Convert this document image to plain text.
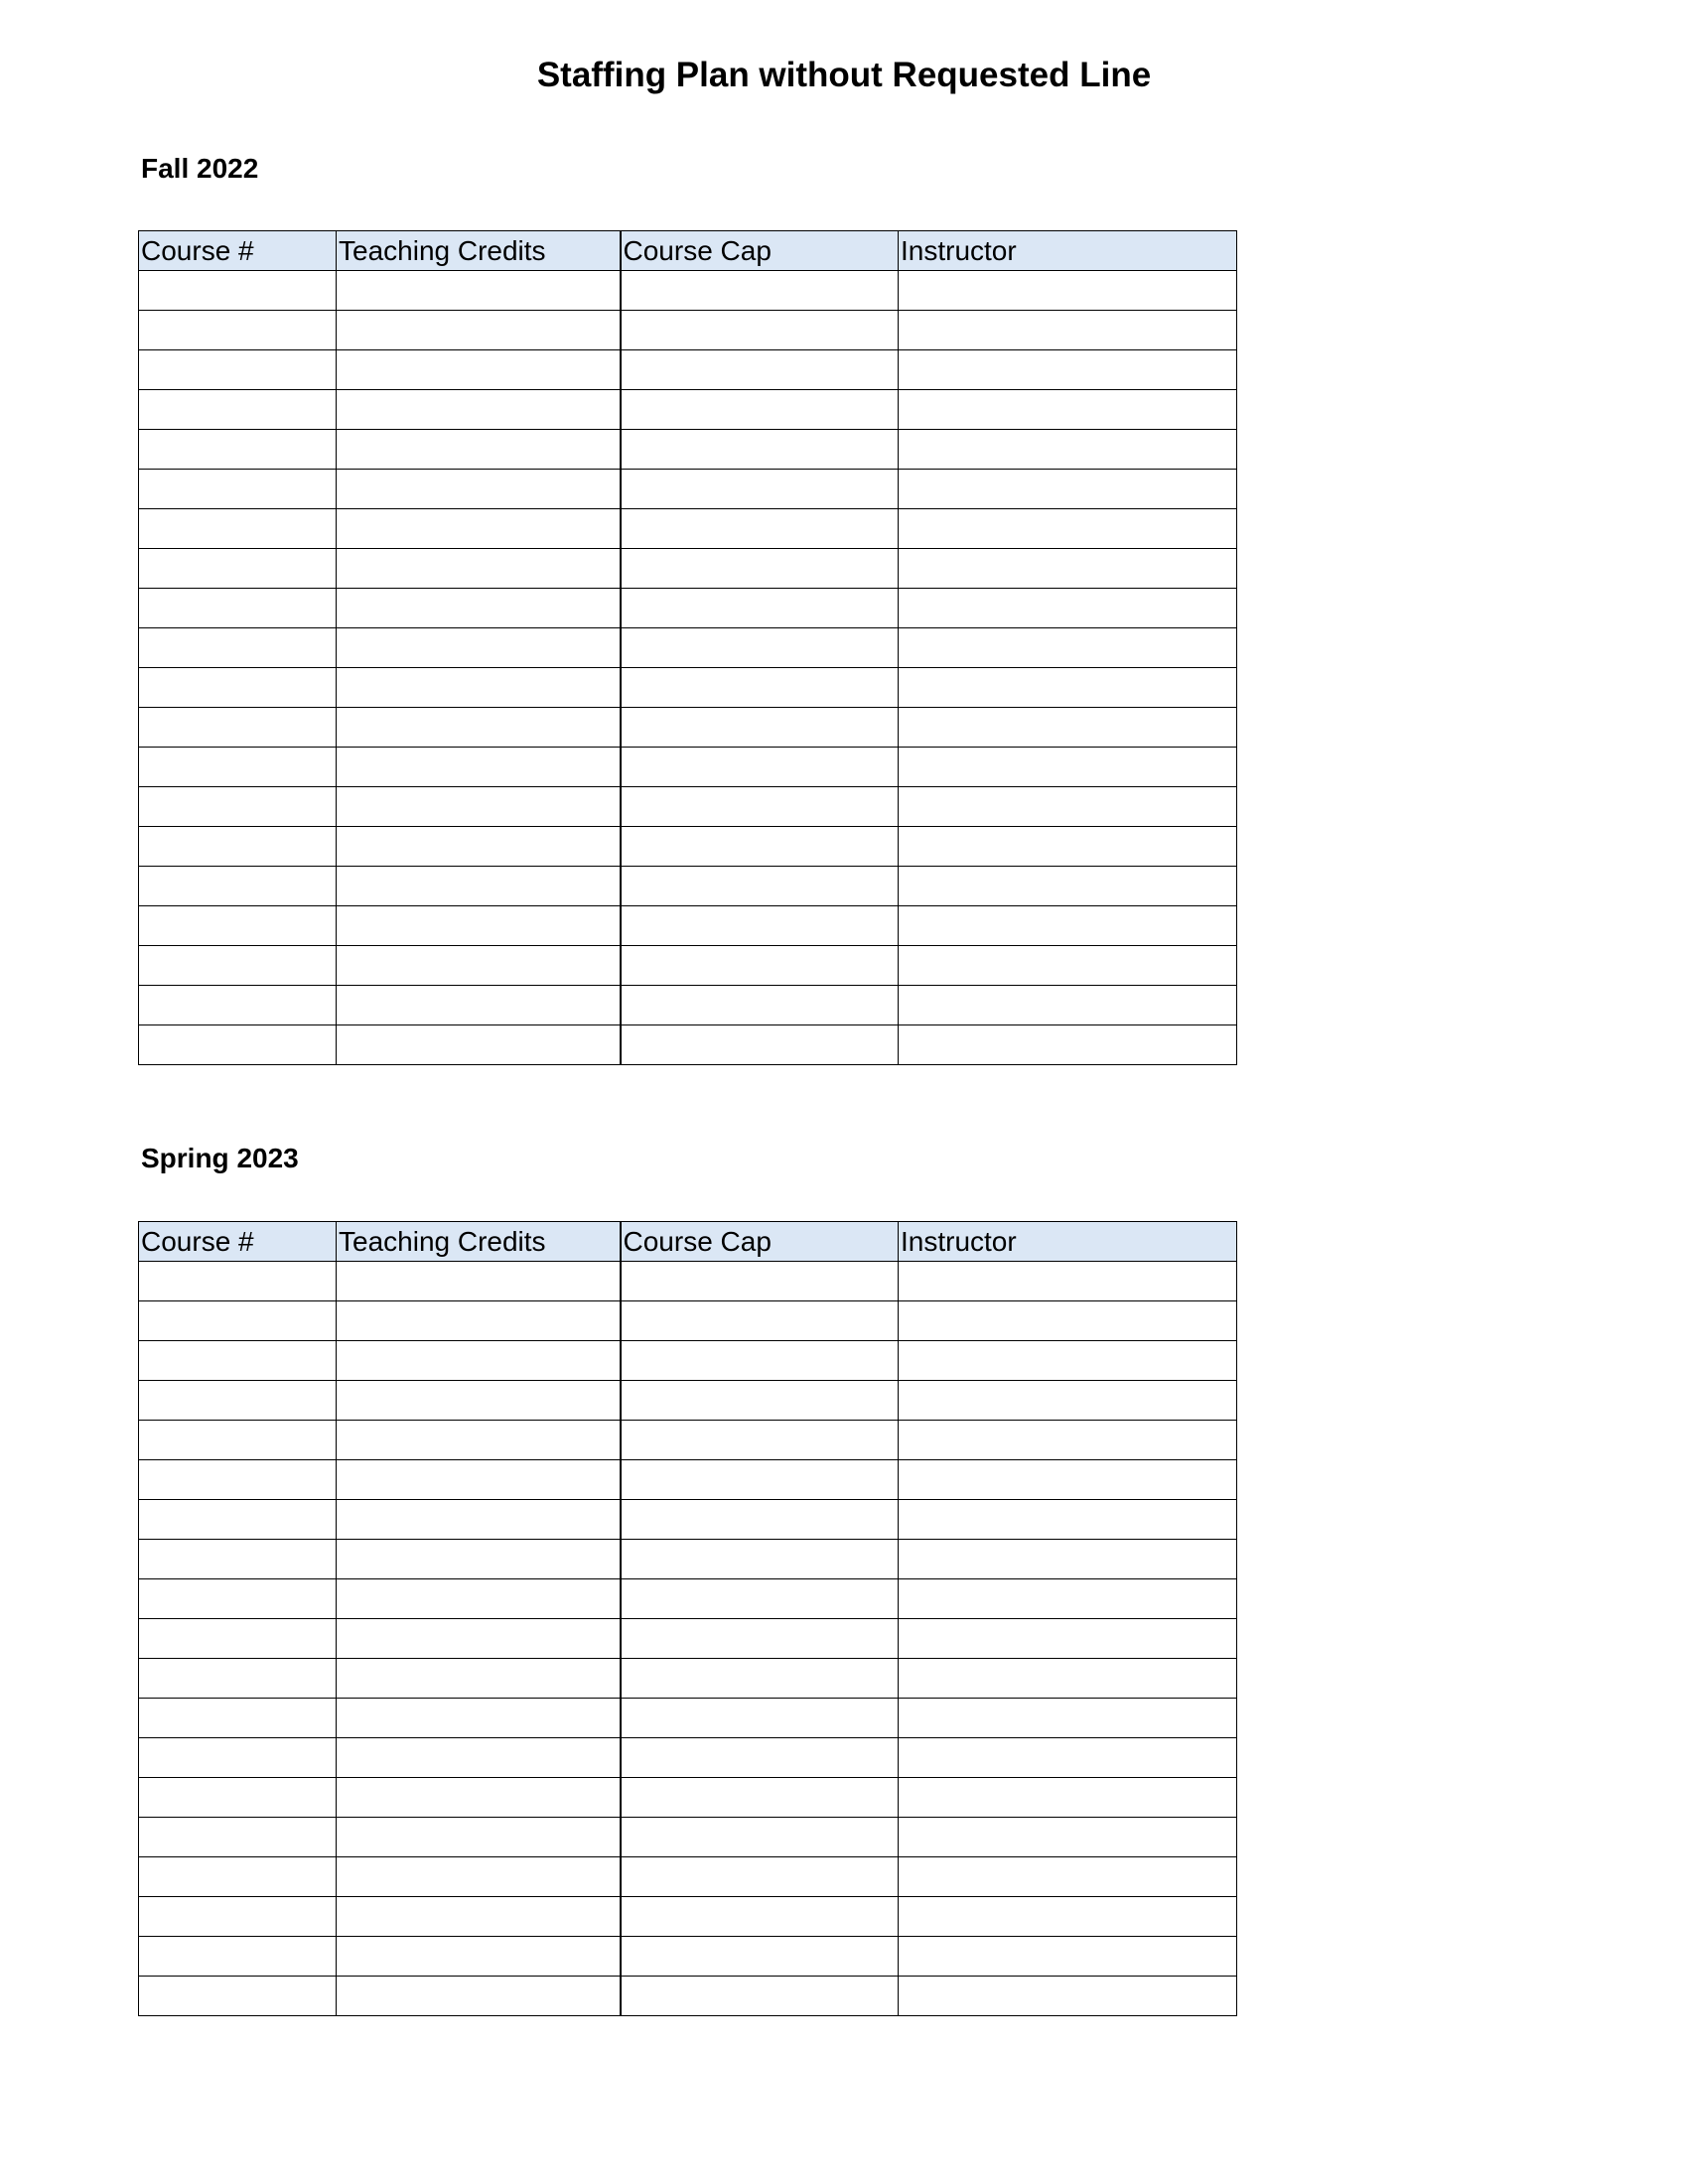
Staffing Plan without Requested Line
Fall 2022
Course #	Teaching Credits	Course Cap	Instructor

Spring 2023
Course #	Teaching Credits	Course Cap	Instructor
